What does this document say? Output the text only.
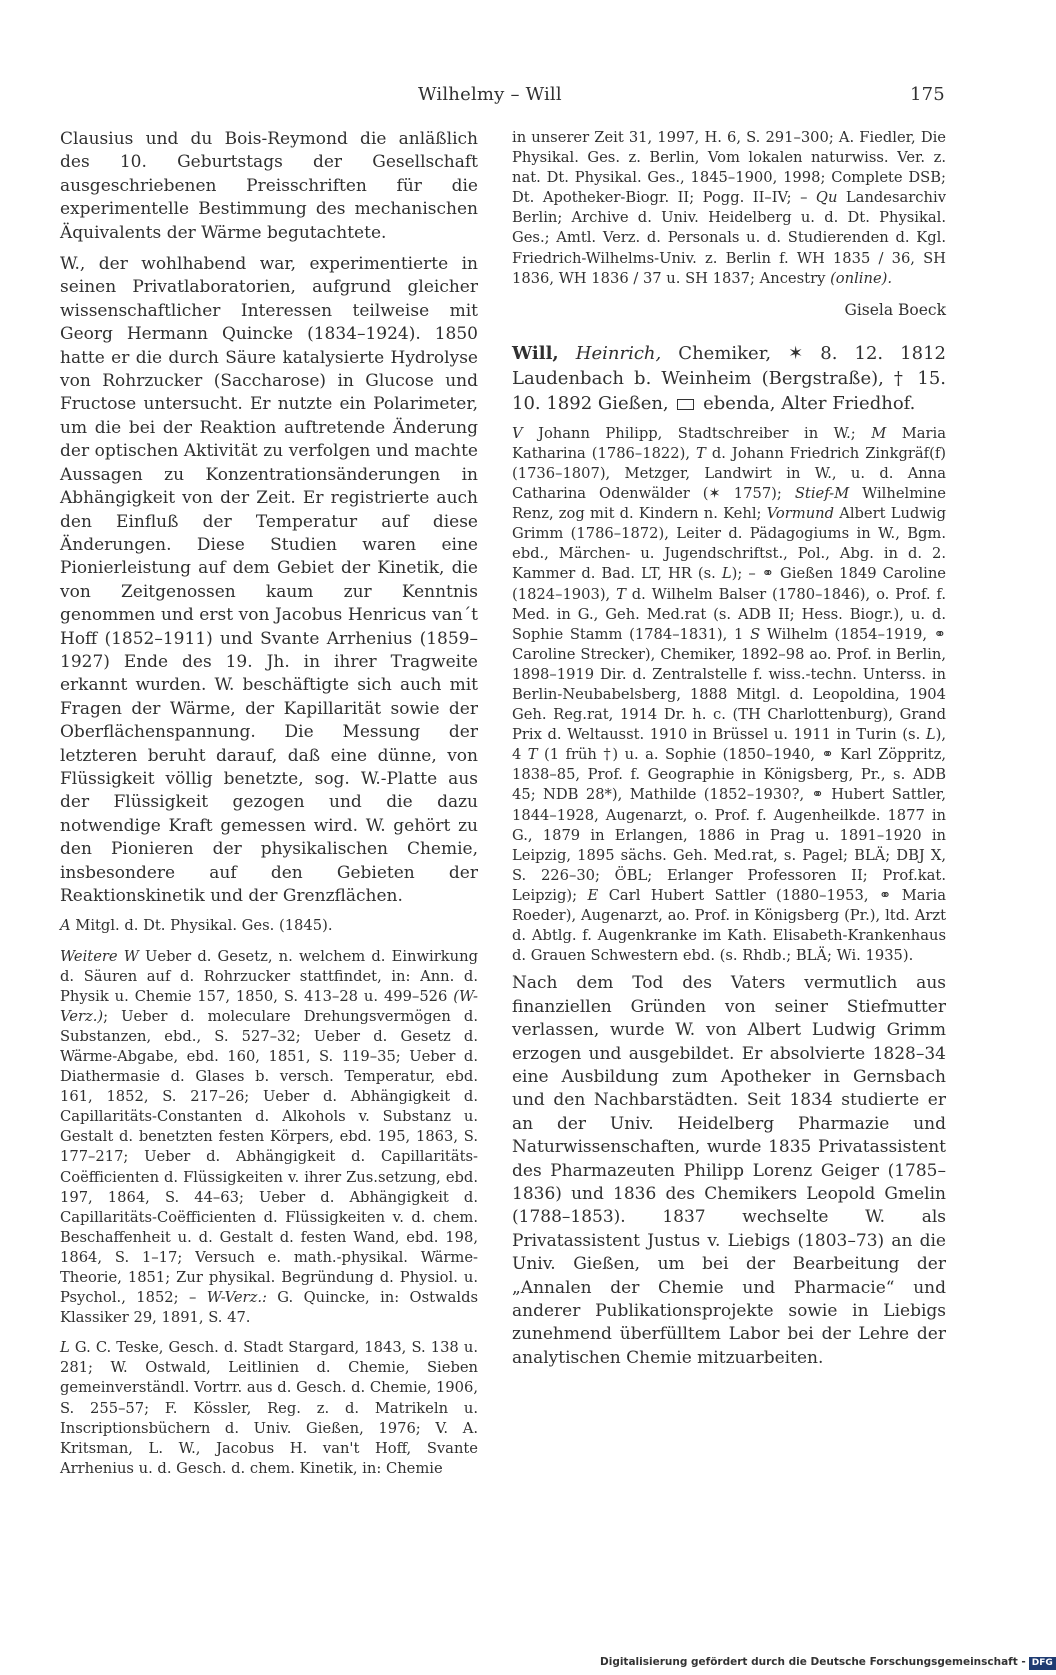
Wilhelmy – Will	175

Clausius und du Bois-Reymond die anläßlich des 10. Geburtstags der Gesellschaft ausgeschriebenen Preisschriften für die experimentelle Bestimmung des mechanischen Äquivalents der Wärme begutachtete.

W., der wohlhabend war, experimentierte in seinen Privatlaboratorien, aufgrund gleicher wissenschaftlicher Interessen teilweise mit Georg Hermann Quincke (1834–1924). 1850 hatte er die durch Säure katalysierte Hydrolyse von Rohrzucker (Saccharose) in Glucose und Fructose untersucht. Er nutzte ein Polarimeter, um die bei der Reaktion auftretende Änderung der optischen Aktivität zu verfolgen und machte Aussagen zu Konzentrationsänderungen in Abhängigkeit von der Zeit. Er registrierte auch den Einfluß der Temperatur auf diese Änderungen. Diese Studien waren eine Pionierleistung auf dem Gebiet der Kinetik, die von Zeitgenossen kaum zur Kenntnis genommen und erst von Jacobus Henricus van´t Hoff (1852–1911) und Svante Arrhenius (1859–1927) Ende des 19. Jh. in ihrer Tragweite erkannt wurden. W. beschäftigte sich auch mit Fragen der Wärme, der Kapillarität sowie der Oberflächenspannung. Die Messung der letzteren beruht darauf, daß eine dünne, von Flüssigkeit völlig benetzte, sog. W.-Platte aus der Flüssigkeit gezogen und die dazu notwendige Kraft gemessen wird. W. gehört zu den Pionieren der physikalischen Chemie, insbesondere auf den Gebieten der Reaktionskinetik und der Grenzflächen.

A Mitgl. d. Dt. Physikal. Ges. (1845).

Weitere W Ueber d. Gesetz, n. welchem d. Einwirkung d. Säuren auf d. Rohrzucker stattfindet, in: Ann. d. Physik u. Chemie 157, 1850, S. 413–28 u. 499–526 (W-Verz.); Ueber d. moleculare Drehungsvermögen d. Substanzen, ebd., S. 527–32; Ueber d. Gesetz d. Wärme-Abgabe, ebd. 160, 1851, S. 119–35; Ueber d. Diathermasie d. Glases b. versch. Temperatur, ebd. 161, 1852, S. 217–26; Ueber d. Abhängigkeit d. Capillaritäts-Constanten d. Alkohols v. Substanz u. Gestalt d. benetzten festen Körpers, ebd. 195, 1863, S. 177–217; Ueber d. Abhängigkeit d. Capillaritäts-Coëfficienten d. Flüssigkeiten v. ihrer Zus.setzung, ebd. 197, 1864, S. 44–63; Ueber d. Abhängigkeit d. Capillaritäts-Coëfficienten d. Flüssigkeiten v. d. chem. Beschaffenheit u. d. Gestalt d. festen Wand, ebd. 198, 1864, S. 1–17; Versuch e. math.-physikal. Wärme-Theorie, 1851; Zur physikal. Begründung d. Physiol. u. Psychol., 1852; – W-Verz.: G. Quincke, in: Ostwalds Klassiker 29, 1891, S. 47.

L G. C. Teske, Gesch. d. Stadt Stargard, 1843, S. 138 u. 281; W. Ostwald, Leitlinien d. Chemie, Sieben gemeinverständl. Vortrr. aus d. Gesch. d. Chemie, 1906, S. 255–57; F. Kössler, Reg. z. d. Matrikeln u. Inscriptionsbüchern d. Univ. Gießen, 1976; V. A. Kritsman, L. W., Jacobus H. van't Hoff, Svante Arrhenius u. d. Gesch. d. chem. Kinetik, in: Chemie

in unserer Zeit 31, 1997, H. 6, S. 291–300; A. Fiedler, Die Physikal. Ges. z. Berlin, Vom lokalen naturwiss. Ver. z. nat. Dt. Physikal. Ges., 1845–1900, 1998; Complete DSB; Dt. Apotheker-Biogr. II; Pogg. II–IV; – Qu Landesarchiv Berlin; Archive d. Univ. Heidelberg u. d. Dt. Physikal. Ges.; Amtl. Verz. d. Personals u. d. Studierenden d. Kgl. Friedrich-Wilhelms-Univ. z. Berlin f. WH 1835 / 36, SH 1836, WH 1836 / 37 u. SH 1837; Ancestry (online).

Gisela Boeck

Will, Heinrich, Chemiker, ✶ 8. 12. 1812 Laudenbach b. Weinheim (Bergstraße), † 15. 10. 1892 Gießen,  ebenda, Alter Friedhof.

V Johann Philipp, Stadtschreiber in W.; M Maria Katharina (1786–1822), T d. Johann Friedrich Zinkgräf(f) (1736–1807), Metzger, Landwirt in W., u. d. Anna Catharina Odenwälder (✶ 1757); Stief-M Wilhelmine Renz, zog mit d. Kindern n. Kehl; Vormund Albert Ludwig Grimm (1786–1872), Leiter d. Pädagogiums in W., Bgm. ebd., Märchen- u. Jugendschriftst., Pol., Abg. in d. 2. Kammer d. Bad. LT, HR (s. L); – ⚭ Gießen 1849 Caroline (1824–1903), T d. Wilhelm Balser (1780–1846), o. Prof. f. Med. in G., Geh. Med.rat (s. ADB II; Hess. Biogr.), u. d. Sophie Stamm (1784–1831), 1 S Wilhelm (1854–1919, ⚭ Caroline Strecker), Chemiker, 1892–98 ao. Prof. in Berlin, 1898–1919 Dir. d. Zentralstelle f. wiss.-techn. Unterss. in Berlin-Neubabelsberg, 1888 Mitgl. d. Leopoldina, 1904 Geh. Reg.rat, 1914 Dr. h. c. (TH Charlottenburg), Grand Prix d. Weltausst. 1910 in Brüssel u. 1911 in Turin (s. L), 4 T (1 früh †) u. a. Sophie (1850–1940, ⚭ Karl Zöppritz, 1838–85, Prof. f. Geographie in Königsberg, Pr., s. ADB 45; NDB 28*), Mathilde (1852–1930?, ⚭ Hubert Sattler, 1844–1928, Augenarzt, o. Prof. f. Augenheilkde. 1877 in G., 1879 in Erlangen, 1886 in Prag u. 1891–1920 in Leipzig, 1895 sächs. Geh. Med.rat, s. Pagel; BLÄ; DBJ X, S. 226–30; ÖBL; Erlanger Professoren II; Prof.kat. Leipzig); E Carl Hubert Sattler (1880–1953, ⚭ Maria Roeder), Augenarzt, ao. Prof. in Königsberg (Pr.), ltd. Arzt d. Abtlg. f. Augenkranke im Kath. Elisabeth-Krankenhaus d. Grauen Schwestern ebd. (s. Rhdb.; BLÄ; Wi. 1935).

Nach dem Tod des Vaters vermutlich aus finanziellen Gründen von seiner Stiefmutter verlassen, wurde W. von Albert Ludwig Grimm erzogen und ausgebildet. Er absolvierte 1828–34 eine Ausbildung zum Apotheker in Gernsbach und den Nachbarstädten. Seit 1834 studierte er an der Univ. Heidelberg Pharmazie und Naturwissenschaften, wurde 1835 Privatassistent des Pharmazeuten Philipp Lorenz Geiger (1785–1836) und 1836 des Chemikers Leopold Gmelin (1788–1853). 1837 wechselte W. als Privatassistent Justus v. Liebigs (1803–73) an die Univ. Gießen, um bei der Bearbeitung der „Annalen der Chemie und Pharmacie“ und anderer Publikationsprojekte sowie in Liebigs zunehmend überfülltem Labor bei der Lehre der analytischen Chemie mitzuarbeiten.

Digitalisierung gefördert durch die Deutsche Forschungsgemeinschaft - DFG
